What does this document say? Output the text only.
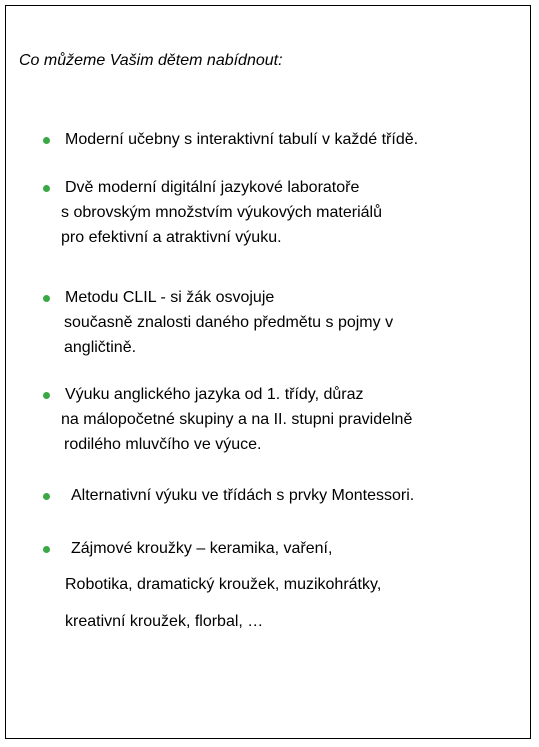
Co můžeme Vašim dětem nabídnout:
Moderní učebny s interaktivní tabulí v každé třídě.
Dvě moderní digitální jazykové laboratoře
s obrovským množstvím výukových materiálů
pro efektivní a atraktivní výuku.
Metodu CLIL - si žák osvojuje
současně znalosti daného předmětu s pojmy v
angličtině.
Výuku anglického jazyka od 1. třídy, důraz
na málopočetné skupiny a na II. stupni pravidelně
rodilého mluvčího ve výuce.
Alternativní výuku ve třídách s prvky Montessori.
Zájmové kroužky – keramika, vaření,
Robotika, dramatický kroužek, muzikohrátky,
kreativní kroužek, florbal, …
